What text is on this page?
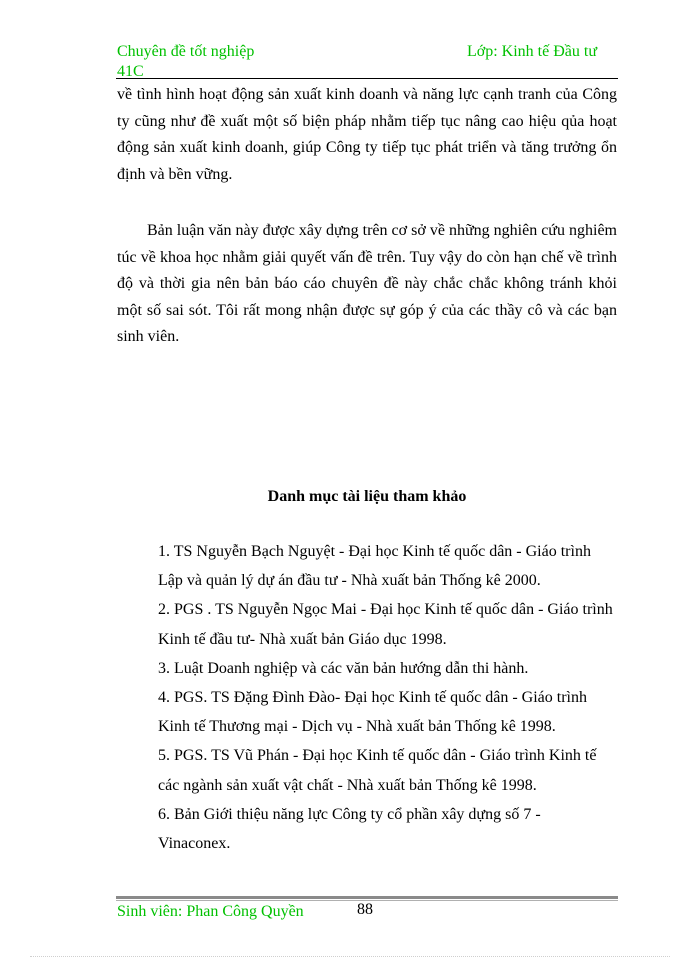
Chuyên đề tốt nghiệp	Lớp: Kinh tế Đầu tư
41C
về tình hình hoạt động sản xuất kinh doanh và năng lực cạnh tranh của Công ty cũng như đề xuất một số biện pháp nhằm tiếp tục nâng cao hiệu qủa hoạt động sản xuất kinh doanh, giúp Công ty tiếp tục phát triển và tăng trưởng ổn định và bền vững.
Bản luận văn này được xây dựng trên cơ sở về những nghiên cứu nghiêm túc về khoa học nhằm giải quyết vấn đề trên. Tuy vậy do còn hạn chế về trình độ và thời gia nên bản báo cáo chuyên đề này chắc chắc không tránh khỏi một số sai sót. Tôi rất mong nhận được sự góp ý của các thầy cô và các bạn sinh viên.
Danh mục tài liệu tham khảo
1. TS Nguyễn Bạch Nguyệt - Đại học Kinh tế quốc dân - Giáo trình Lập và quản lý dự án đầu tư - Nhà xuất bản Thống kê 2000.
2. PGS . TS Nguyễn Ngọc Mai - Đại học Kinh tế quốc dân - Giáo trình Kinh tế đầu tư- Nhà xuất bản Giáo dục 1998.
3. Luật Doanh nghiệp và các văn bản hướng dẫn thi hành.
4. PGS. TS Đặng Đình Đào- Đại học Kinh tế quốc dân - Giáo trình Kinh tế Thương mại - Dịch vụ - Nhà xuất bản Thống kê 1998.
5. PGS. TS Vũ Phán - Đại học Kinh tế quốc dân - Giáo trình Kinh tế các ngành sản xuất vật chất - Nhà xuất bản Thống kê 1998.
6. Bản Giới thiệu năng lực Công ty cổ phần xây dựng số 7 - Vinaconex.
Sinh viên: Phan Công Quyền	88
